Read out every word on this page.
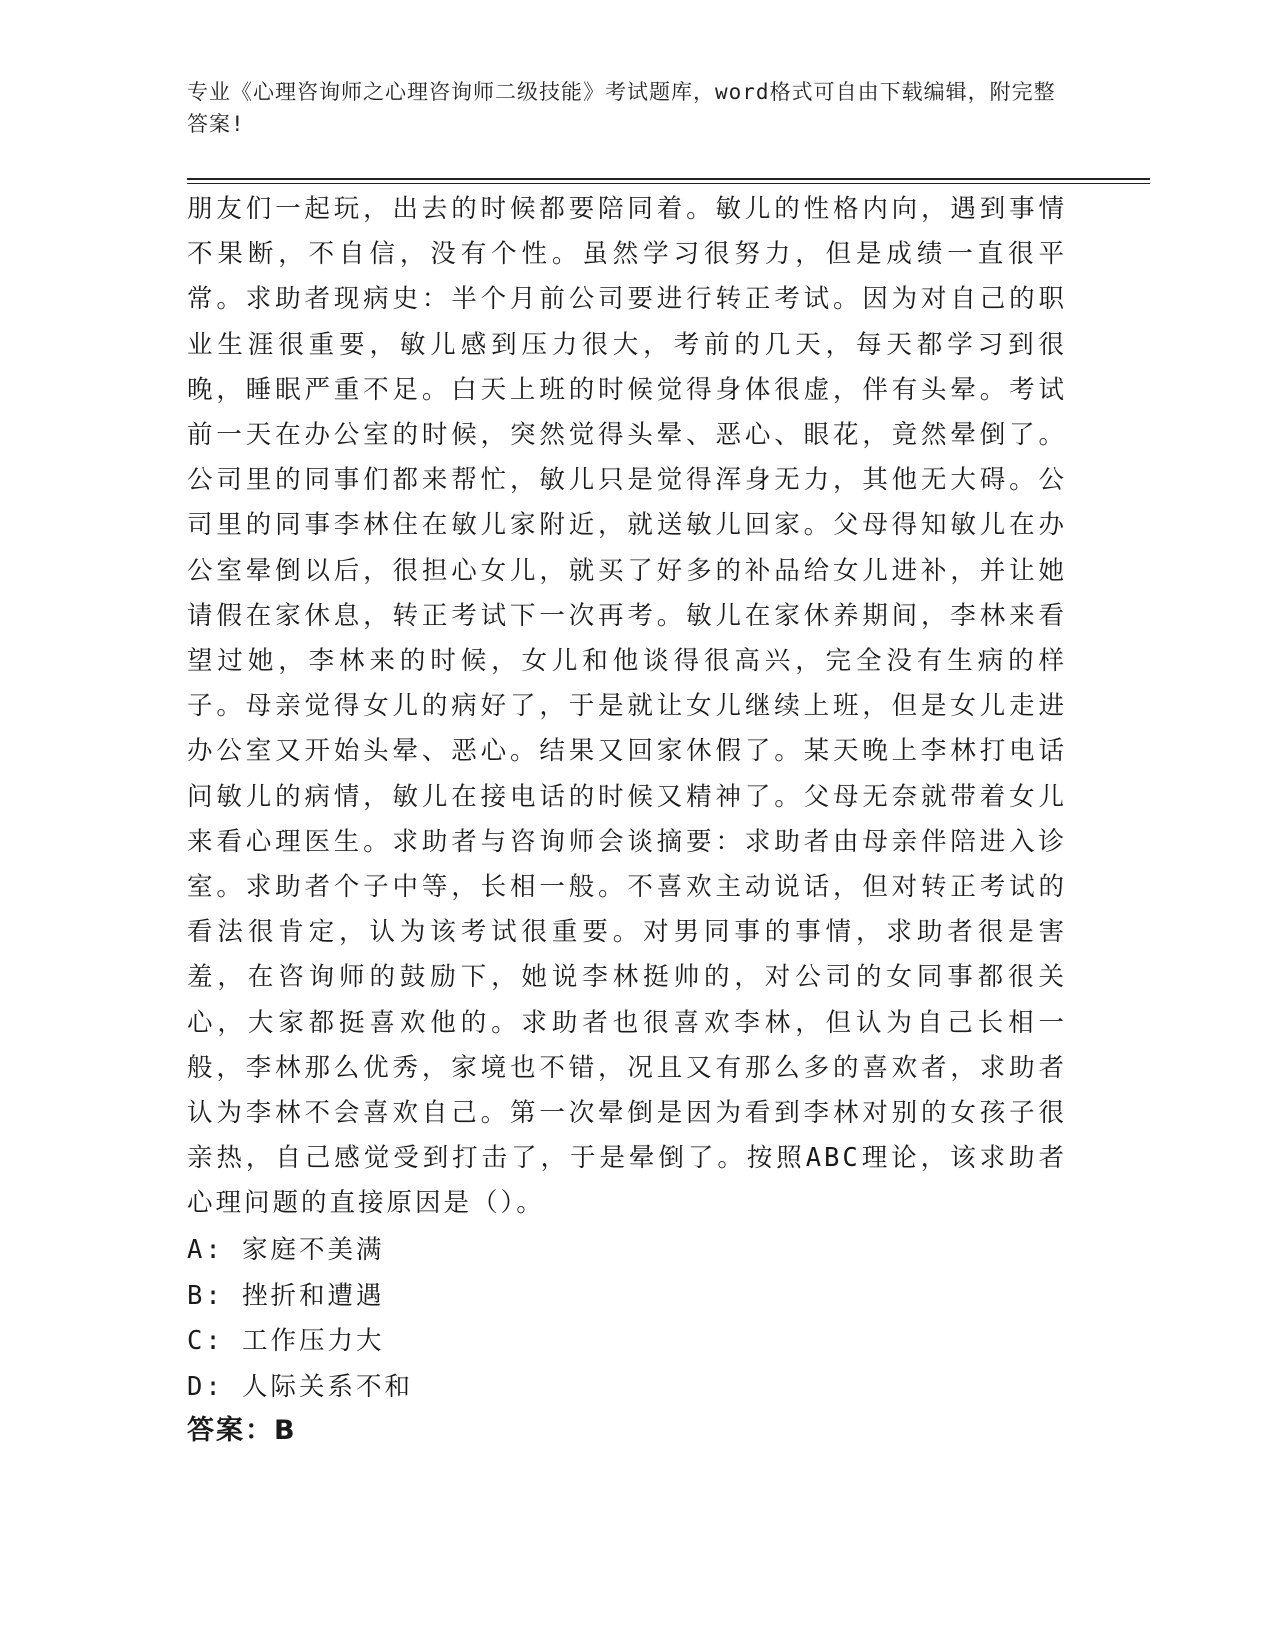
专业《心理咨询师之心理咨询师二级技能》考试题库，word格式可自由下载编辑，附完整答案!
朋友们一起玩，出去的时候都要陪同着。敏儿的性格内向，遇到事情不果断，不自信，没有个性。虽然学习很努力，但是成绩一直很平常。求助者现病史：半个月前公司要进行转正考试。因为对自己的职业生涯很重要，敏儿感到压力很大，考前的几天，每天都学习到很晚，睡眠严重不足。白天上班的时候觉得身体很虚，伴有头晕。考试前一天在办公室的时候，突然觉得头晕、恶心、眼花，竟然晕倒了。公司里的同事们都来帮忙，敏儿只是觉得浑身无力，其他无大碍。公司里的同事李林住在敏儿家附近，就送敏儿回家。父母得知敏儿在办公室晕倒以后，很担心女儿，就买了好多的补品给女儿进补，并让她请假在家休息，转正考试下一次再考。敏儿在家休养期间，李林来看望过她，李林来的时候，女儿和他谈得很高兴，完全没有生病的样子。母亲觉得女儿的病好了，于是就让女儿继续上班，但是女儿走进办公室又开始头晕、恶心。结果又回家休假了。某天晚上李林打电话问敏儿的病情，敏儿在接电话的时候又精神了。父母无奈就带着女儿来看心理医生。求助者与咨询师会谈摘要：求助者由母亲伴陪进入诊室。求助者个子中等，长相一般。不喜欢主动说话，但对转正考试的看法很肯定，认为该考试很重要。对男同事的事情，求助者很是害羞，在咨询师的鼓励下，她说李林挺帅的，对公司的女同事都很关心，大家都挺喜欢他的。求助者也很喜欢李林，但认为自己长相一般，李林那么优秀，家境也不错，况且又有那么多的喜欢者，求助者认为李林不会喜欢自己。第一次晕倒是因为看到李林对别的女孩子很亲热，自己感觉受到打击了，于是晕倒了。按照ABC理论，该求助者心理问题的直接原因是（）。
A: 家庭不美满
B: 挫折和遭遇
C: 工作压力大
D: 人际关系不和
答案：B
